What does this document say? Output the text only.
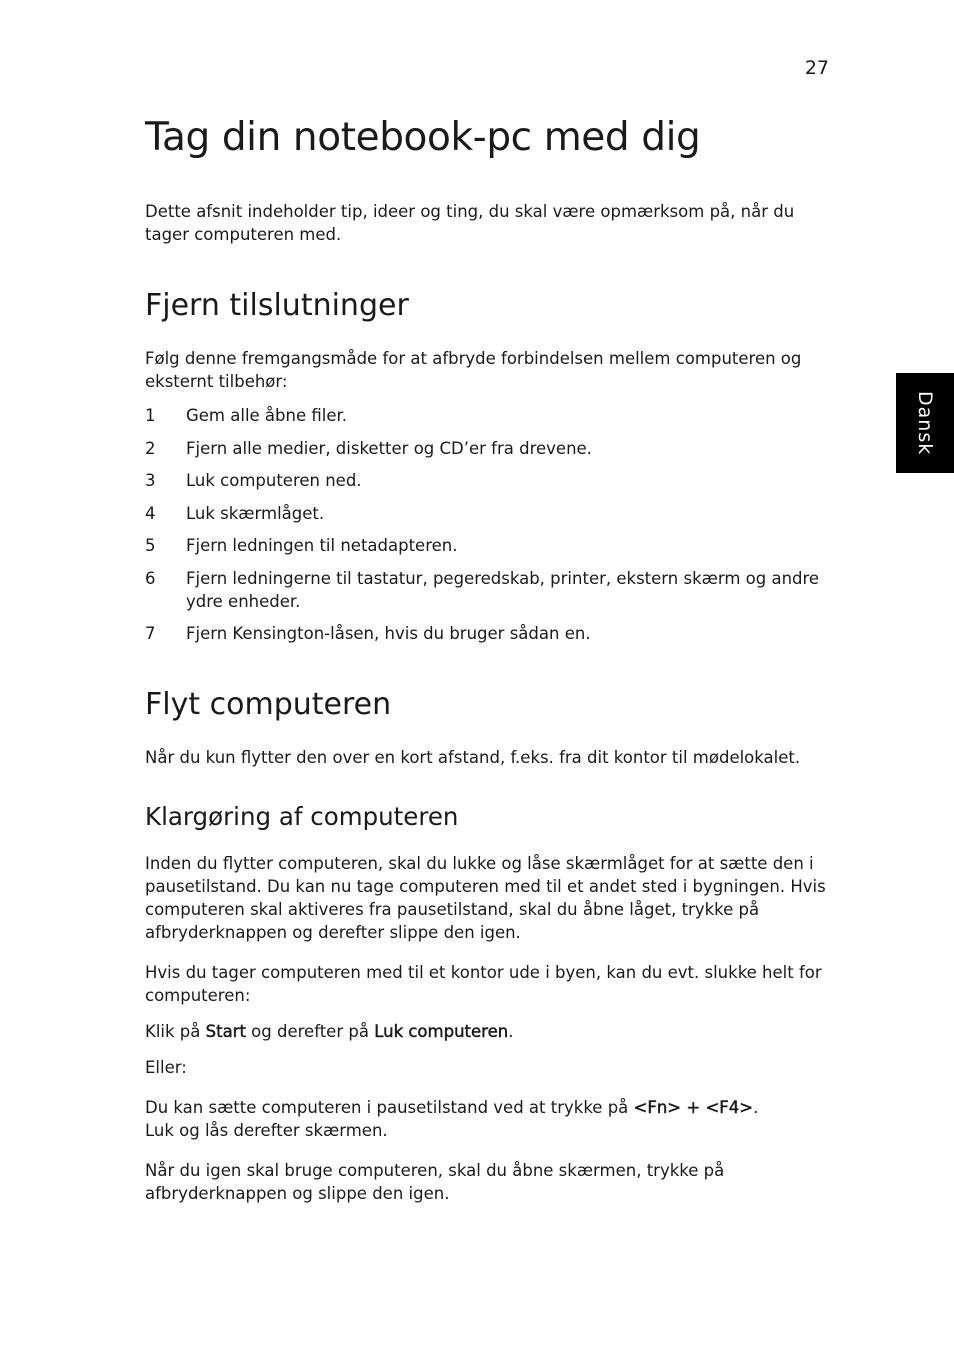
27
Dansk
Tag din notebook-pc med dig

Dette afsnit indeholder tip, ideer og ting, du skal være opmærksom på, når du tager computeren med.

Fjern tilslutninger

Følg denne fremgangsmåde for at afbryde forbindelsen mellem computeren og eksternt tilbehør:

1	Gem alle åbne filer.
2	Fjern alle medier, disketter og CD’er fra drevene.
3	Luk computeren ned.
4	Luk skærmlåget.
5	Fjern ledningen til netadapteren.
6	Fjern ledningerne til tastatur, pegeredskab, printer, ekstern skærm og andre ydre enheder.
7	Fjern Kensington-låsen, hvis du bruger sådan en.
Flyt computeren

Når du kun flytter den over en kort afstand, f.eks. fra dit kontor til mødelokalet.

Klargøring af computeren

Inden du flytter computeren, skal du lukke og låse skærmlåget for at sætte den i pausetilstand. Du kan nu tage computeren med til et andet sted i bygningen. Hvis computeren skal aktiveres fra pausetilstand, skal du åbne låget, trykke på afbryderknappen og derefter slippe den igen.

Hvis du tager computeren med til et kontor ude i byen, kan du evt. slukke helt for computeren:

Klik på Start og derefter på Luk computeren.

Eller:

Du kan sætte computeren i pausetilstand ved at trykke på <Fn> + <F4>.
Luk og lås derefter skærmen.

Når du igen skal bruge computeren, skal du åbne skærmen, trykke på afbryderknappen og slippe den igen.
